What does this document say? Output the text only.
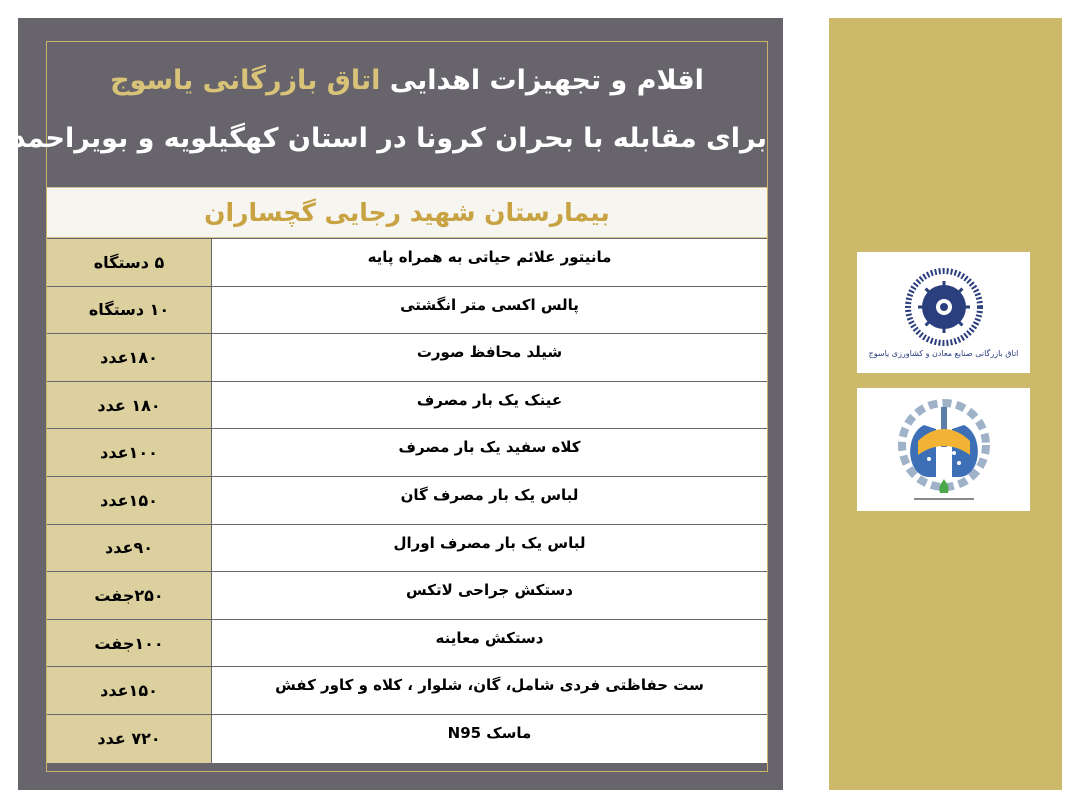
اقلام و تجهیزات اهدایی اتاق بازرگانی یاسوج
برای مقابله با بحران کرونا در استان کهگیلویه و بویراحمد
بیمارستان شهید رجایی گچساران
۵ دستگاه	مانیتور علائم حیاتی به همراه پایه
۱۰ دستگاه	پالس اکسی متر انگشتی
۱۸۰عدد	شیلد محافظ صورت
۱۸۰ عدد	عینک یک بار مصرف
۱۰۰عدد	کلاه سفید یک بار مصرف
۱۵۰عدد	لباس یک بار مصرف گان
۹۰عدد	لباس یک بار مصرف اورال
۲۵۰جفت	دستکش جراحی لاتکس
۱۰۰جفت	دستکش معاینه
۱۵۰عدد	ست حفاظتی فردی شامل، گان، شلوار ، کلاه و کاور کفش
۷۲۰ عدد	ماسک N95
اتاق بازرگانی صنایع معادن و کشاورزی یاسوج
